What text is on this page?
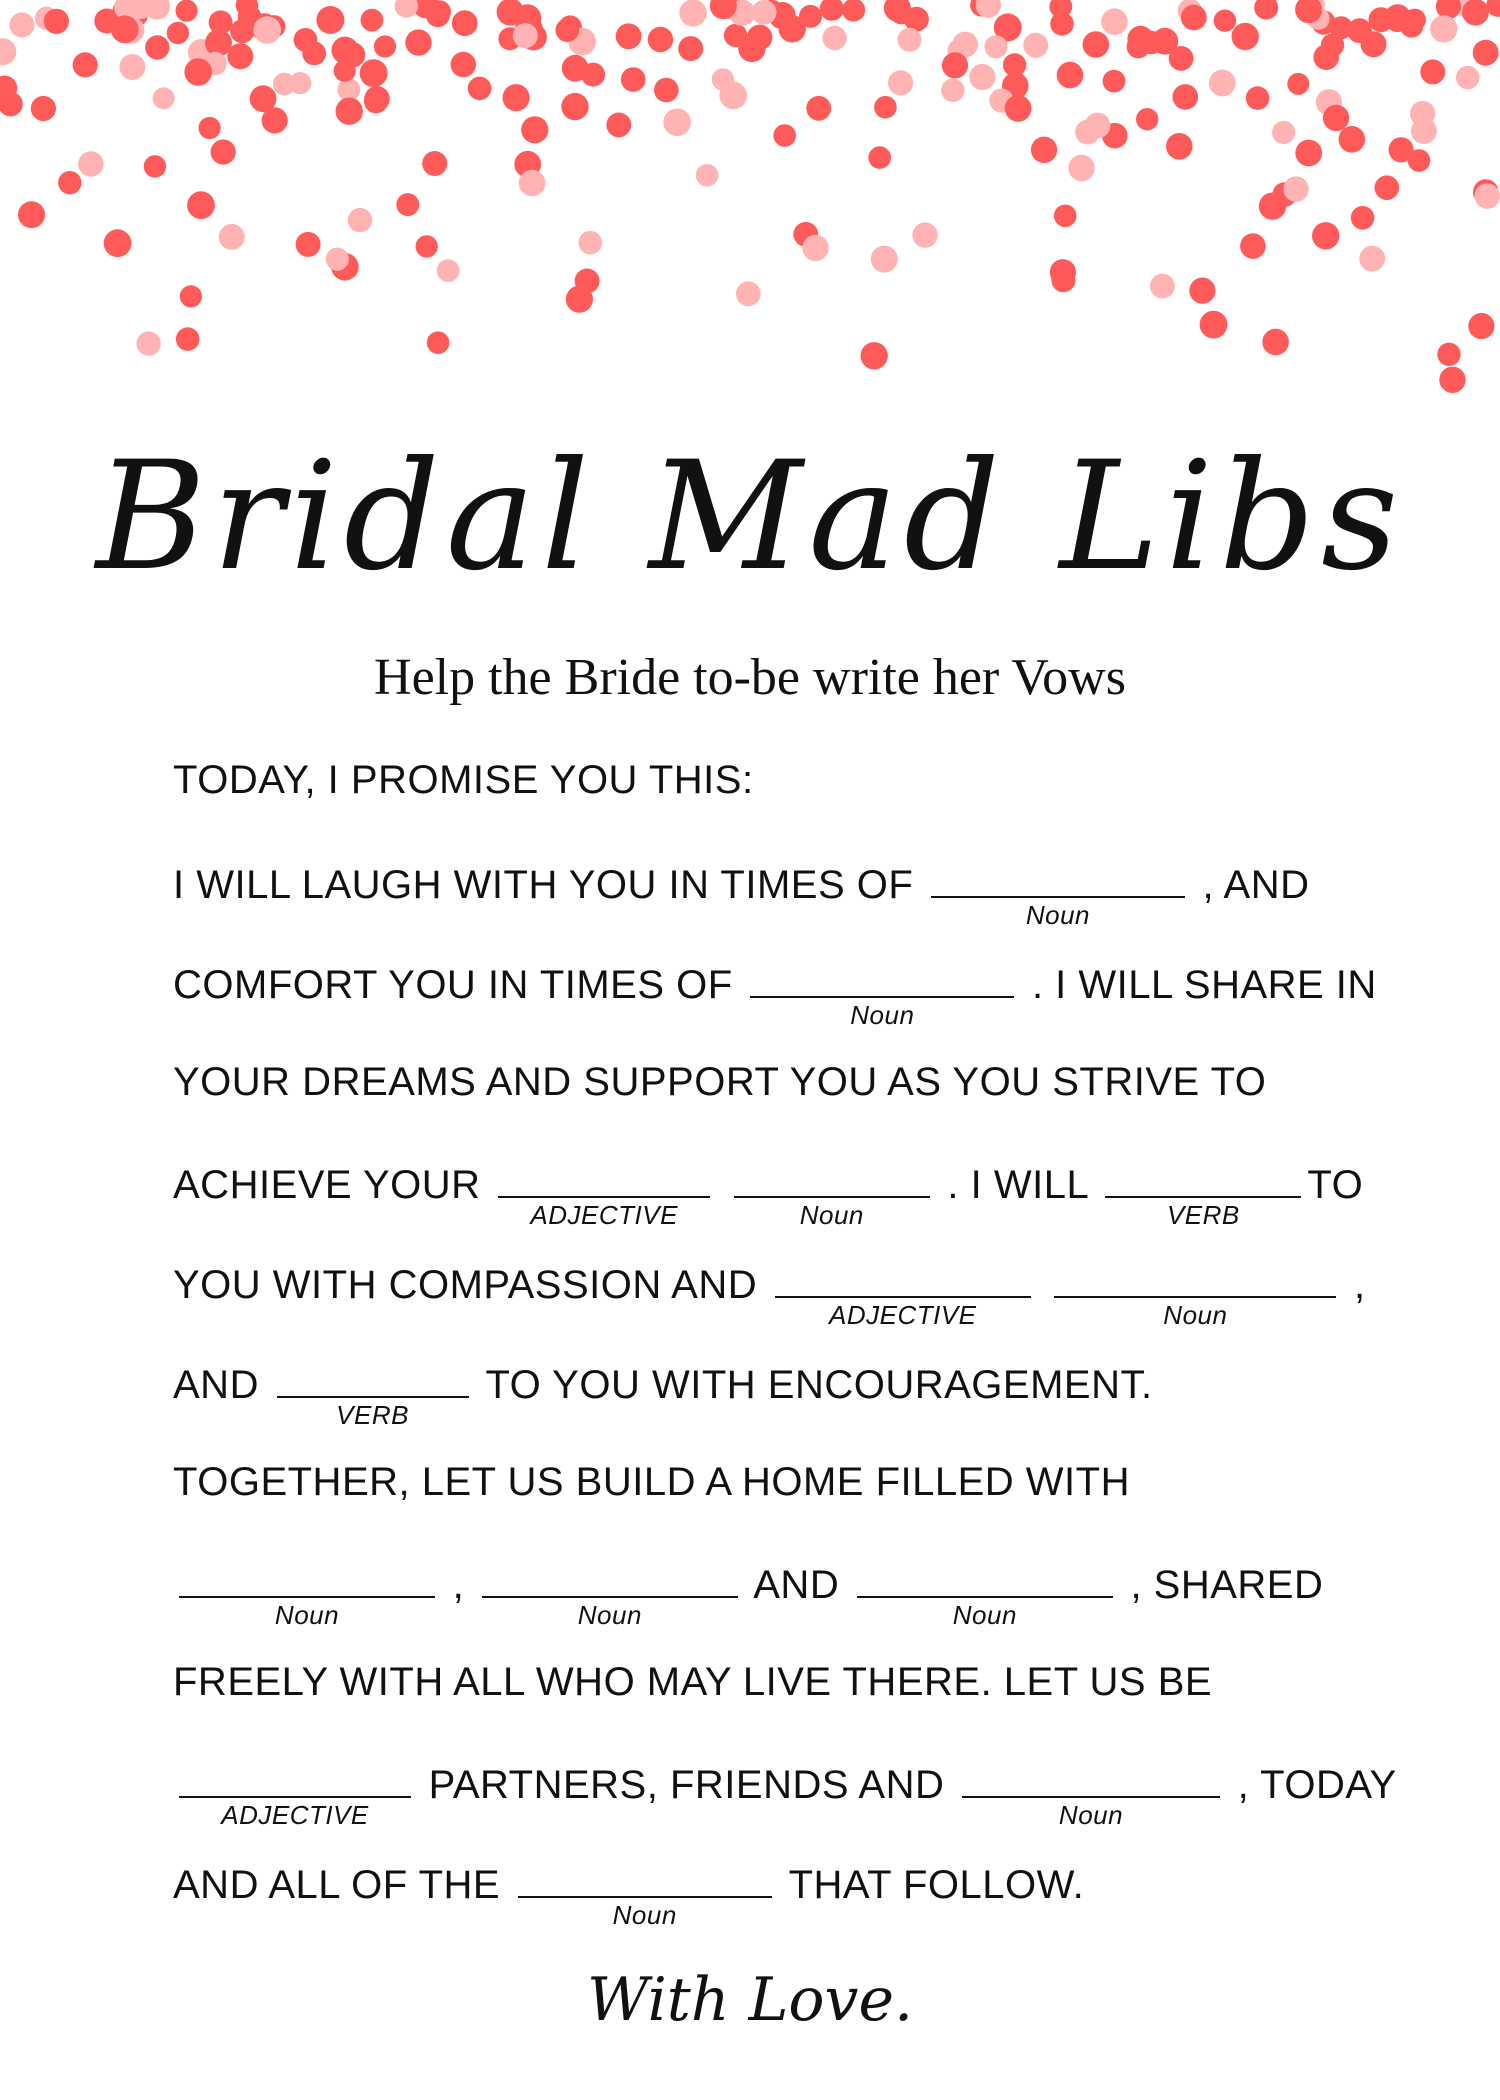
Bridal Mad Libs
Help the Bride to-be write her Vows
TODAY, I PROMISE YOU THIS:
I WILL LAUGH WITH YOU IN TIMES OF
Noun
, AND
COMFORT YOU IN TIMES OF
Noun
. I WILL SHARE IN
YOUR DREAMS AND SUPPORT YOU AS YOU STRIVE TO
ACHIEVE YOUR
ADJECTIVE
	Noun
. I WILL
VERB
TO
YOU WITH COMPASSION AND
ADJECTIVE
	Noun
,
AND
VERB
TO YOU WITH ENCOURAGEMENT.
TOGETHER, LET US BUILD A HOME FILLED WITH
Noun
,
Noun
AND
Noun
, SHARED
FREELY WITH ALL WHO MAY LIVE THERE. LET US BE
ADJECTIVE
PARTNERS, FRIENDS AND
Noun
, TODAY
AND ALL OF THE
Noun
THAT FOLLOW.
With Love.
